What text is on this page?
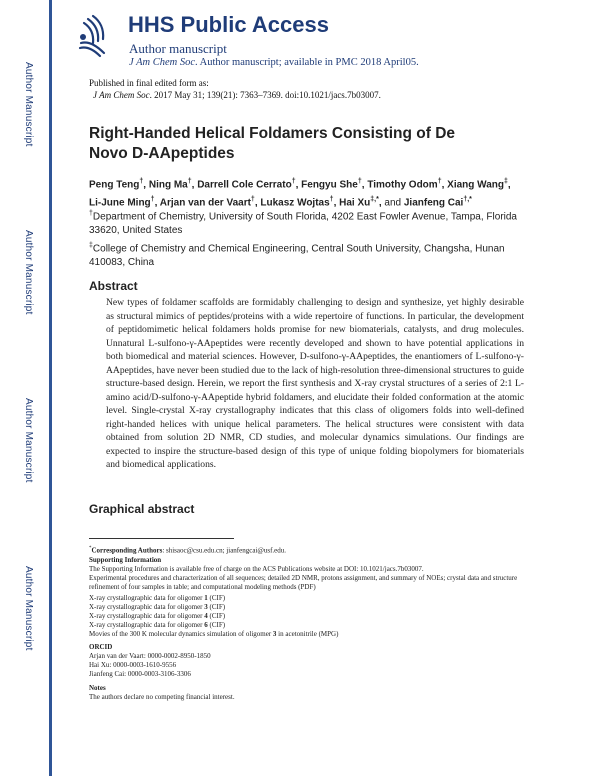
Author Manuscript
Author Manuscript
Author Manuscript
Author Manuscript
HHS Public Access
Author manuscript
J Am Chem Soc. Author manuscript; available in PMC 2018 April05.
Published in final edited form as:
J Am Chem Soc. 2017 May 31; 139(21): 7363–7369. doi:10.1021/jacs.7b03007.
Right-Handed Helical Foldamers Consisting of De Novo D-AApeptides
Peng Teng†, Ning Ma†, Darrell Cole Cerrato†, Fengyu She†, Timothy Odom†, Xiang Wang‡, Li-June Ming†, Arjan van der Vaart†, Lukasz Wojtas†, Hai Xu‡,*, and Jianfeng Cai†,*
†Department of Chemistry, University of South Florida, 4202 East Fowler Avenue, Tampa, Florida 33620, United States
‡College of Chemistry and Chemical Engineering, Central South University, Changsha, Hunan 410083, China
Abstract
New types of foldamer scaffolds are formidably challenging to design and synthesize, yet highly desirable as structural mimics of peptides/proteins with a wide repertoire of functions. In particular, the development of peptidomimetic helical foldamers holds promise for new biomaterials, catalysts, and drug molecules. Unnatural L-sulfono-γ-AApeptides were recently developed and shown to have potential applications in both biomedical and material sciences. However, D-sulfono-γ-AApeptides, the enantiomers of L-sulfono-γ-AApeptides, have never been studied due to the lack of high-resolution three-dimensional structures to guide structure-based design. Herein, we report the first synthesis and X-ray crystal structures of a series of 2:1 L-amino acid/D-sulfono-γ-AApeptide hybrid foldamers, and elucidate their folded conformation at the atomic level. Single-crystal X-ray crystallography indicates that this class of oligomers folds into well-defined right-handed helices with unique helical parameters. The helical structures were consistent with data obtained from solution 2D NMR, CD studies, and molecular dynamics simulations. Our findings are expected to inspire the structure-based design of this type of unique folding biopolymers for biomaterials and biomedical applications.
Graphical abstract
*Corresponding Authors: shisaoc@csu.edu.cn; jianfengcai@usf.edu.
Supporting Information
The Supporting Information is available free of charge on the ACS Publications website at DOI: 10.1021/jacs.7b03007.
Experimental procedures and characterization of all sequences; detailed 2D NMR, protons assignment, and summary of NOEs; crystal data and structure refinement of four samples in table; and computational modeling methods (PDF)
X-ray crystallographic data for oligomer 1 (CIF)
X-ray crystallographic data for oligomer 3 (CIF)
X-ray crystallographic data for oligomer 4 (CIF)
X-ray crystallographic data for oligomer 6 (CIF)
Movies of the 300 K molecular dynamics simulation of oligomer 3 in acetonitrile (MPG)
ORCID
Arjan van der Vaart: 0000-0002-8950-1850
Hai Xu: 0000-0003-1610-9556
Jianfeng Cai: 0000-0003-3106-3306
Notes
The authors declare no competing financial interest.
